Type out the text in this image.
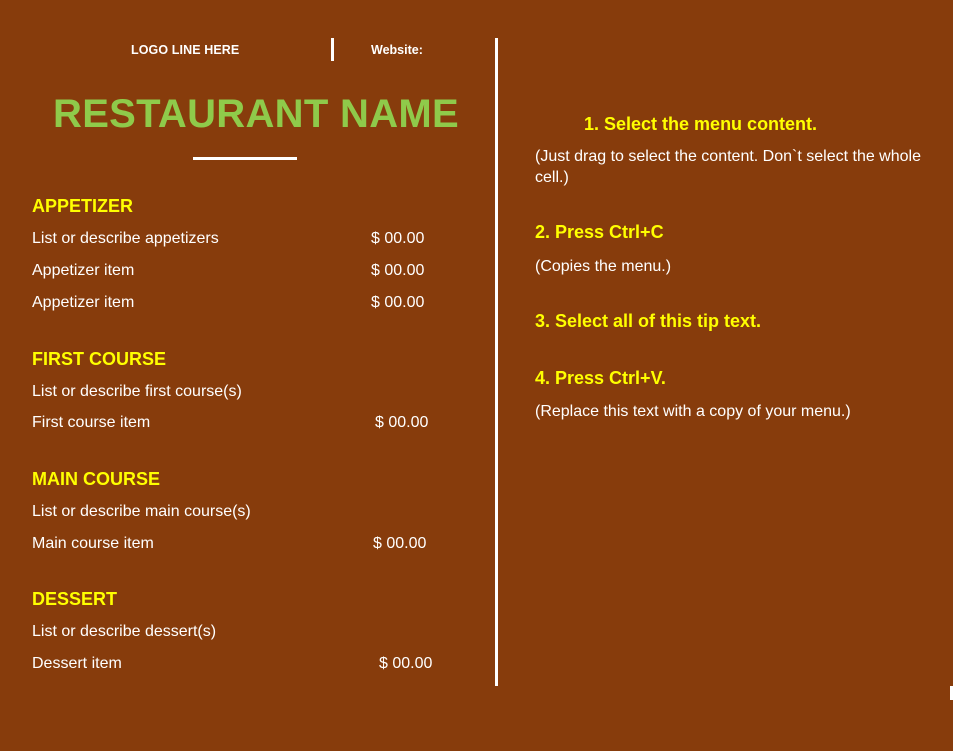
LOGO LINE HERE	Website:
RESTAURANT NAME
APPETIZER
List or describe appetizers	$ 00.00
Appetizer item	$ 00.00
Appetizer item	$ 00.00
FIRST COURSE
List or describe first course(s)
First course item	$ 00.00
MAIN COURSE
List or describe main course(s)
Main course item	$ 00.00
DESSERT
List or describe dessert(s)
Dessert item	$ 00.00
1. Select the menu content.
(Just drag to select the content. Don`t select the whole cell.)
2. Press Ctrl+C
(Copies the menu.)
3. Select all of this tip text.
4. Press Ctrl+V.
(Replace this text with a copy of your menu.)
